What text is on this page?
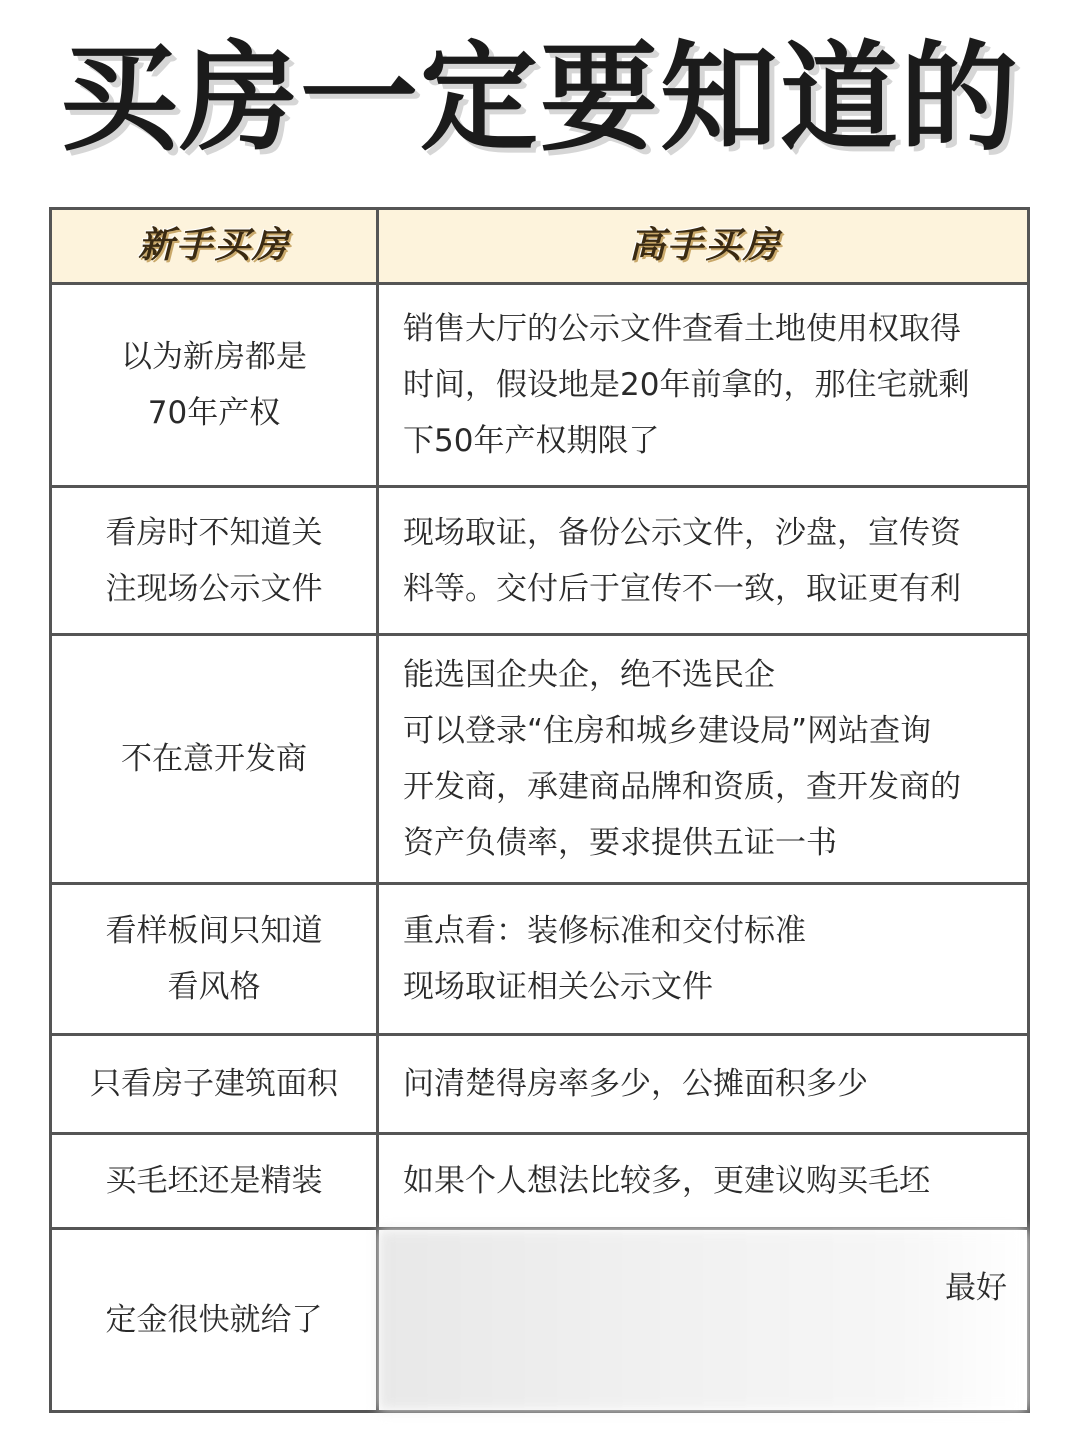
买房一定要知道的
新手买房	高手买房
以为新房都是
70年产权
销售大厅的公示文件查看土地使用权取得
时间，假设地是20年前拿的，那住宅就剩
下50年产权期限了
看房时不知道关
注现场公示文件
现场取证，备份公示文件，沙盘，宣传资
料等。交付后于宣传不一致，取证更有利
不在意开发商
能选国企央企，绝不选民企
可以登录“住房和城乡建设局”网站查询
开发商，承建商品牌和资质，查开发商的
资产负债率，要求提供五证一书
看样板间只知道
看风格
重点看：装修标准和交付标准
现场取证相关公示文件
只看房子建筑面积 问清楚得房率多少，公摊面积多少
买毛坯还是精装	如果个人想法比较多，更建议购买毛坯
定金很快就给了
最好
